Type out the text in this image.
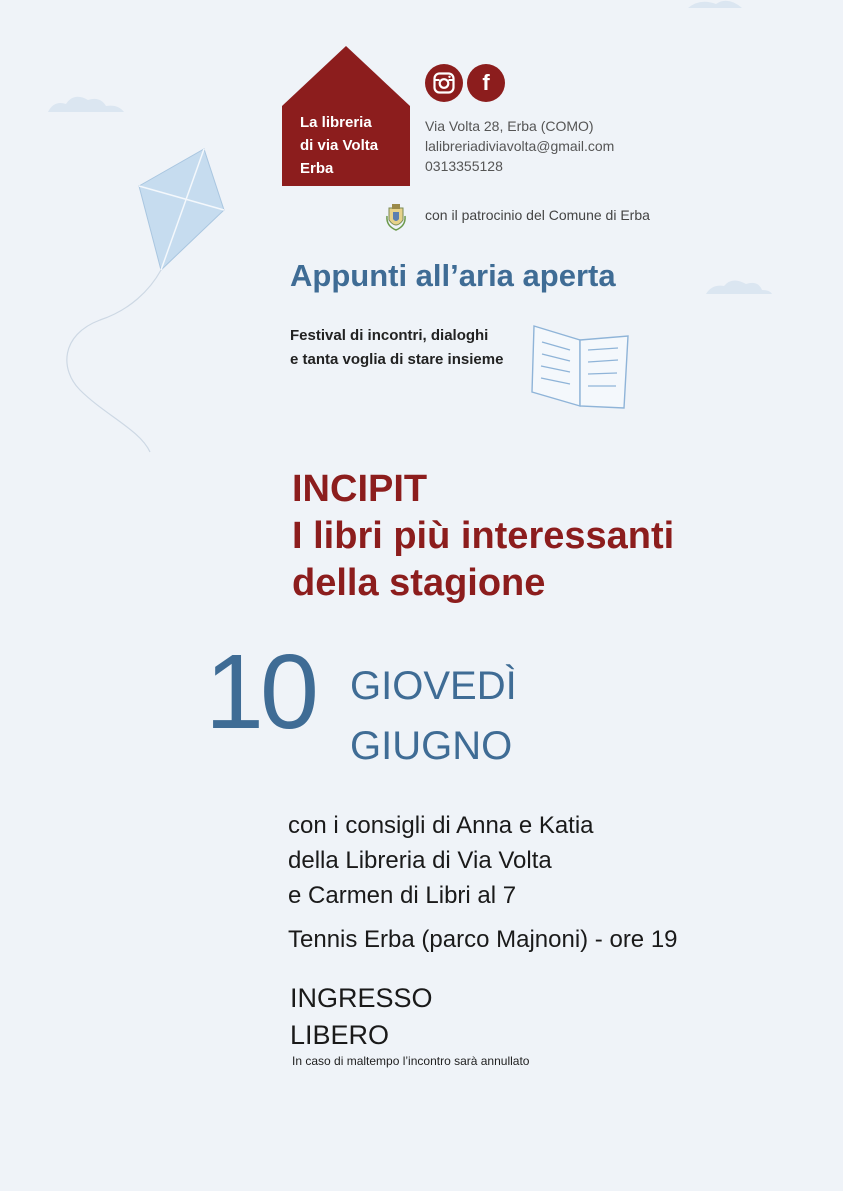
La libreria
di via Volta
Erba
f
Via Volta 28, Erba (COMO)
lalibreriadiviavolta@gmail.com
0313355128
con il patrocinio del Comune di Erba
Appunti all’aria aperta
Festival di incontri, dialoghi
e tanta voglia di stare insieme
INCIPIT
I libri più interessanti
della stagione
10 GIOVEDÌ
GIUGNO
con i consigli di Anna e Katia
della Libreria di Via Volta
e Carmen di Libri al 7
Tennis Erba (parco Majnoni) - ore 19
INGRESSO
LIBERO
In caso di maltempo l’incontro sarà annullato
